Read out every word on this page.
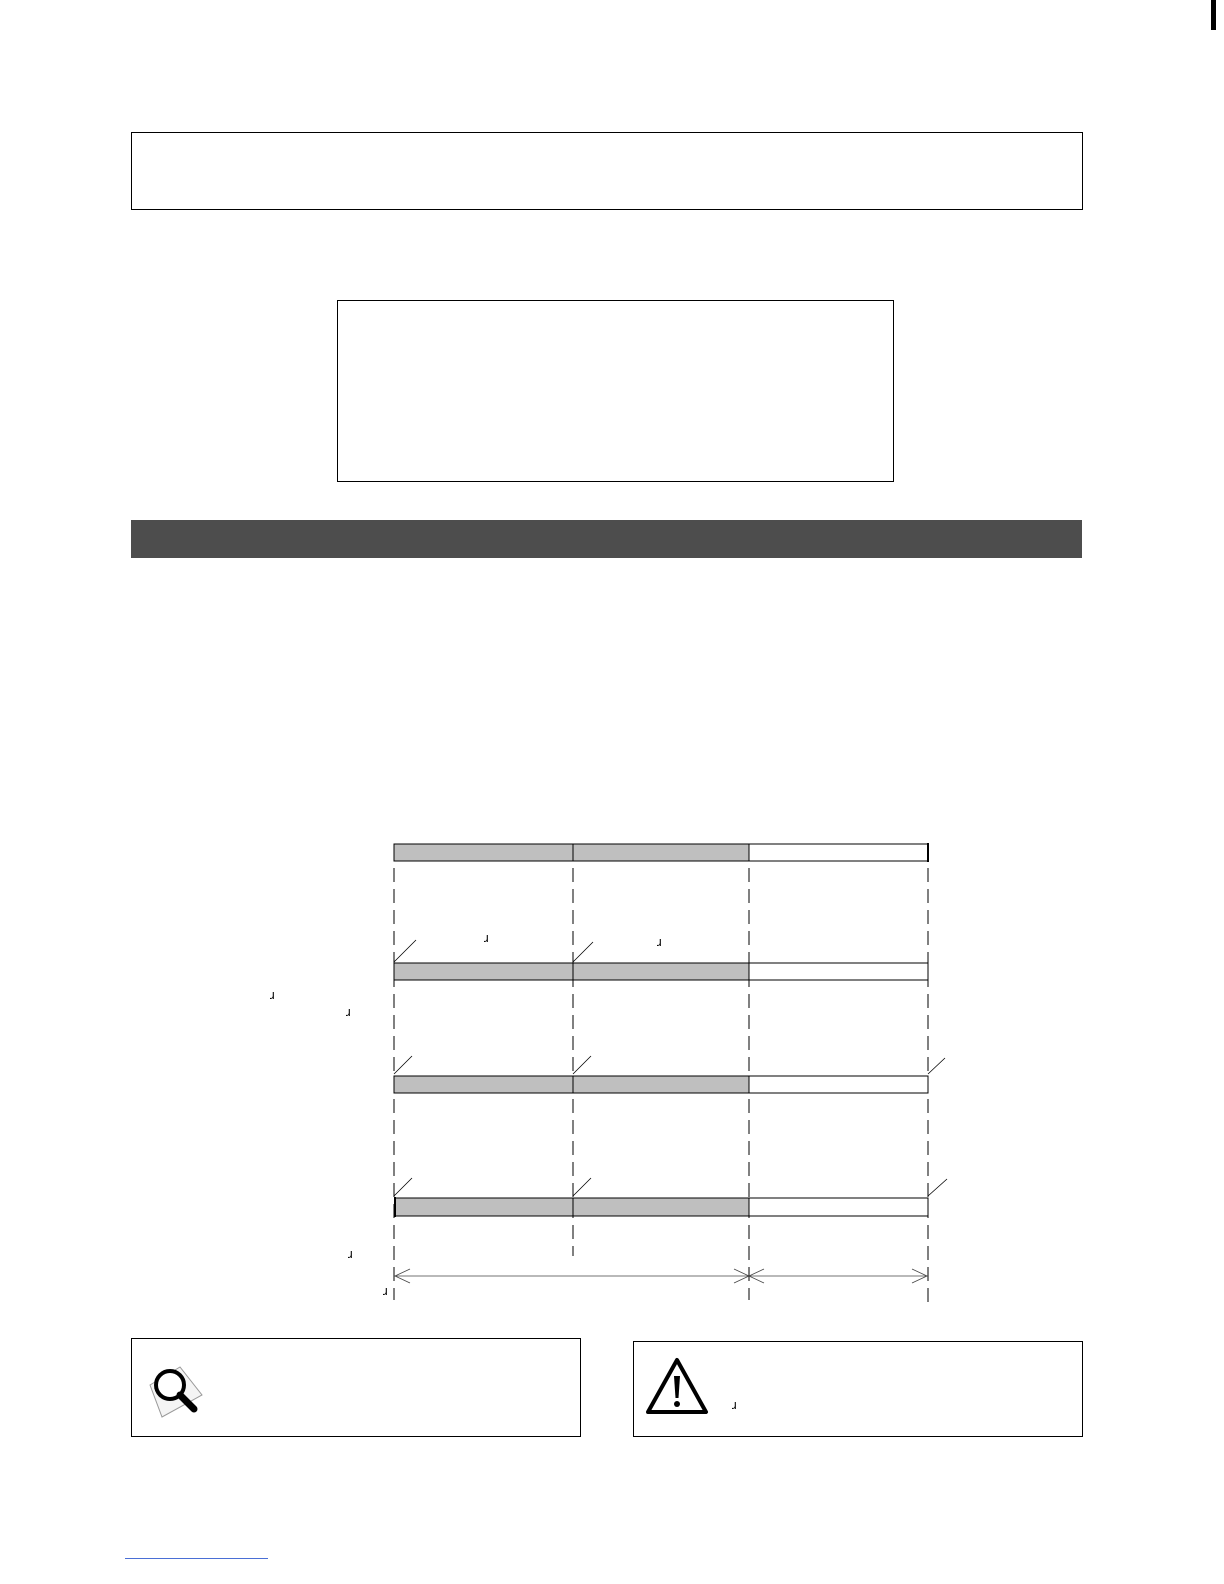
ɹ	ɹ
ɹ
ɹ
ɹ
ɹ
ɹ
